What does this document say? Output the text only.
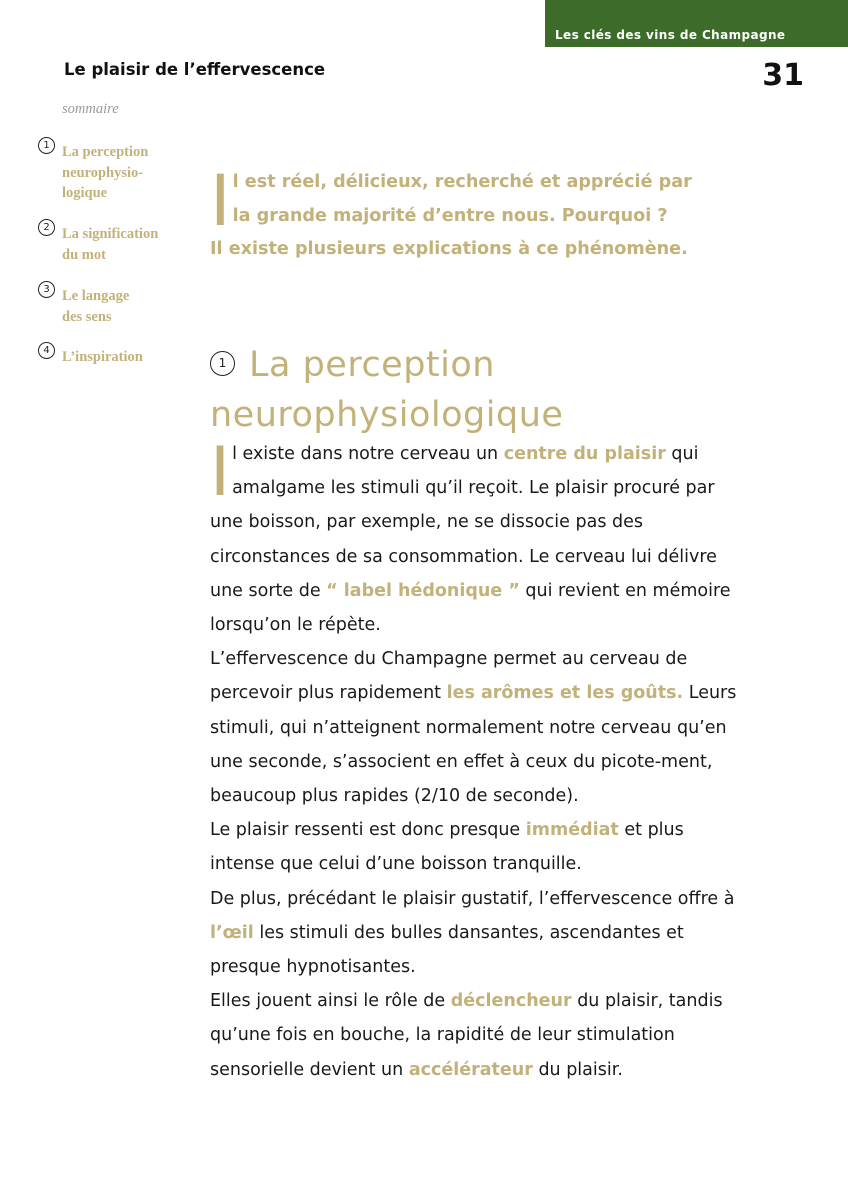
Les clés des vins de Champagne
Le plaisir de l’effervescence	31
sommaire
1 La perception
neurophysio-
logique
2 La signification
du mot
3 Le langage
des sens
4 L’inspiration
I l est réel, délicieux, recherché et apprécié par
la grande majorité d’entre nous. Pourquoi ?
Il existe plusieurs explications à ce phénomène.
1 La perception
neurophysiologique

Il existe dans notre cerveau un centre du plaisir qui amalgame les stimuli qu’il reçoit. Le plaisir procuré par une boisson, par exemple, ne se dissocie pas des circonstances de sa consommation. Le cerveau lui délivre une sorte de “ label hédonique ” qui revient en mémoire lorsqu’on le répète.

L’effervescence du Champagne permet au cerveau de percevoir plus rapidement les arômes et les goûts. Leurs stimuli, qui n’atteignent normalement notre cerveau qu’en une seconde, s’associent en effet à ceux du picote-ment, beaucoup plus rapides (2/10 de seconde).

Le plaisir ressenti est donc presque immédiat et plus intense que celui d’une boisson tranquille.

De plus, précédant le plaisir gustatif, l’effervescence offre à l’œil les stimuli des bulles dansantes, ascendantes et presque hypnotisantes.

Elles jouent ainsi le rôle de déclencheur du plaisir, tandis qu’une fois en bouche, la rapidité de leur stimulation sensorielle devient un accélérateur du plaisir.
